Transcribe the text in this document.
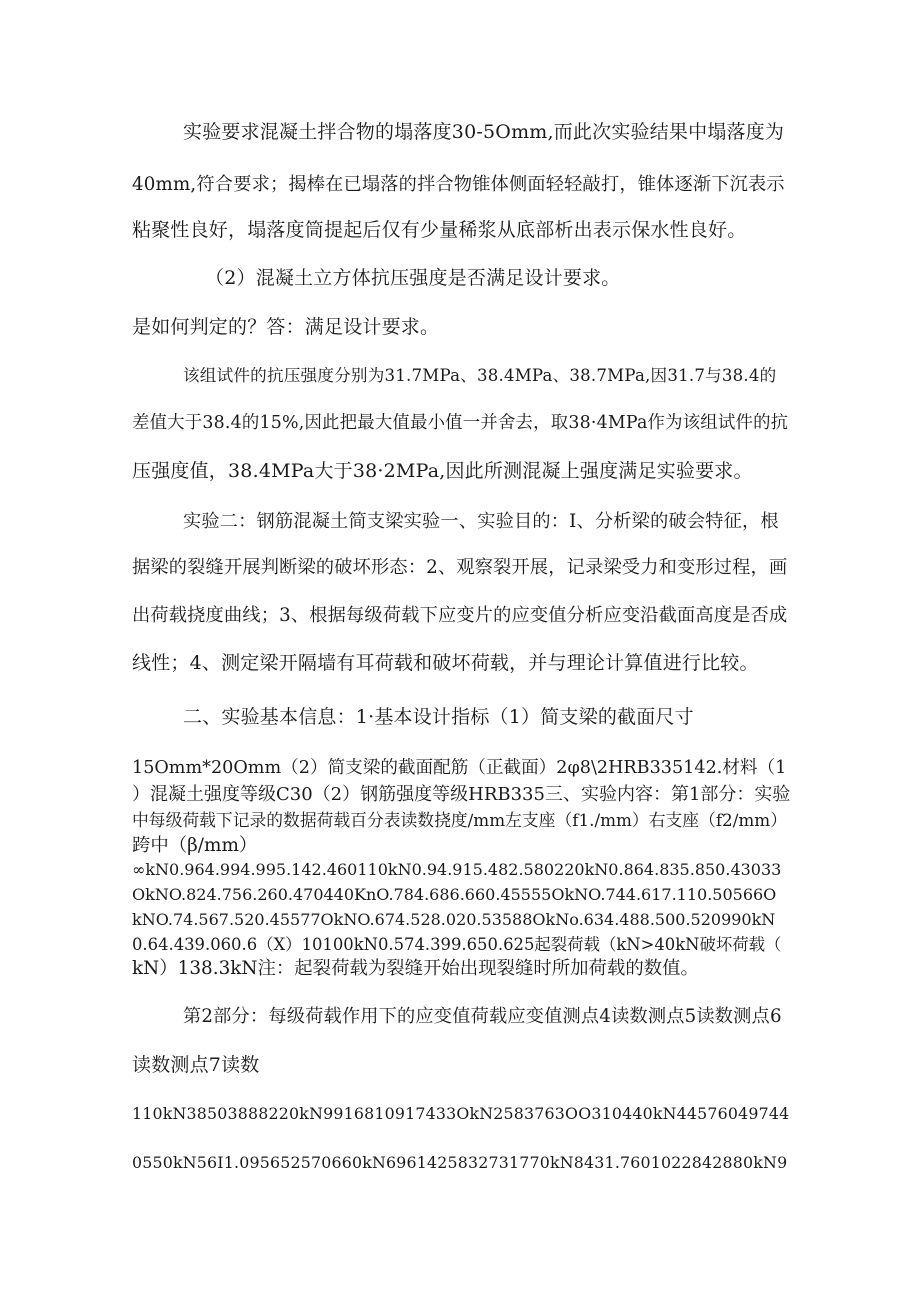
实验要求混凝土拌合物的塌落度30-5Omm,而此次实验结果中塌落度为
40mm,符合要求；揭棒在已塌落的拌合物锥体侧面轻轻敲打，锥体逐渐下沉表示
粘聚性良好，塌落度筒提起后仅有少量稀浆从底部析出表示保水性良好。
（2）混凝土立方体抗压强度是否满足设计要求。
是如何判定的？答：满足设计要求。
该组试件的抗压强度分别为31.7MPa、38.4MPa、38.7MPa,因31.7与38.4的
差值大于38.4的15%,因此把最大值最小值一并舍去，取38·4MPa作为该组试件的抗
压强度值，38.4MPa大于38·2MPa,因此所测混凝上强度满足实验要求。
实验二：钢筋混凝土简支梁实验一、实验目的：I、分析梁的破会特征，根
据梁的裂缝开展判断梁的破坏形态：2、观察裂开展，记录梁受力和变形过程，画
出荷载挠度曲线；3、根据每级荷载下应变片的应变值分析应变沿截面高度是否成
线性；4、测定梁开隔墙有耳荷载和破坏荷载，并与理论计算值进行比较。
二、实验基本信息：1·基本设计指标（1）简支梁的截面尺寸
15Omm*20Omm（2）简支梁的截面配筋（正截面）2φ8\2HRB335142.材料（1
）混凝土强度等级C30（2）钢筋强度等级HRB335三、实验内容：第1部分：实验
中每级荷载下记录的数据荷载百分表读数挠度∕mm左支座（f1./mm）右支座（f2∕mm）
跨中（β∕mm）
∞kN0.964.994.995.142.460110kN0.94.915.482.580220kN0.864.835.850.43033
OkNO.824.756.260.470440KnO.784.686.660.45555OkNO.744.617.110.50566O
kNO.74.567.520.45577OkNO.674.528.020.53588OkNo.634.488.500.520990kN
0.64.439.060.6（X）10100kN0.574.399.650.625起裂荷载（kN>40kN破坏荷载（
kN）138.3kN注：起裂荷载为裂缝开始出现裂缝时所加荷载的数值。
第2部分：每级荷载作用下的应变值荷载应变值测点4读数测点5读数测点6
读数测点7读数
110kN38503888220kN9916810917433OkN2583763OO310440kN44576049744
0550kN56I1.095652570660kN6961425832731770kN8431.7601022842880kN9
